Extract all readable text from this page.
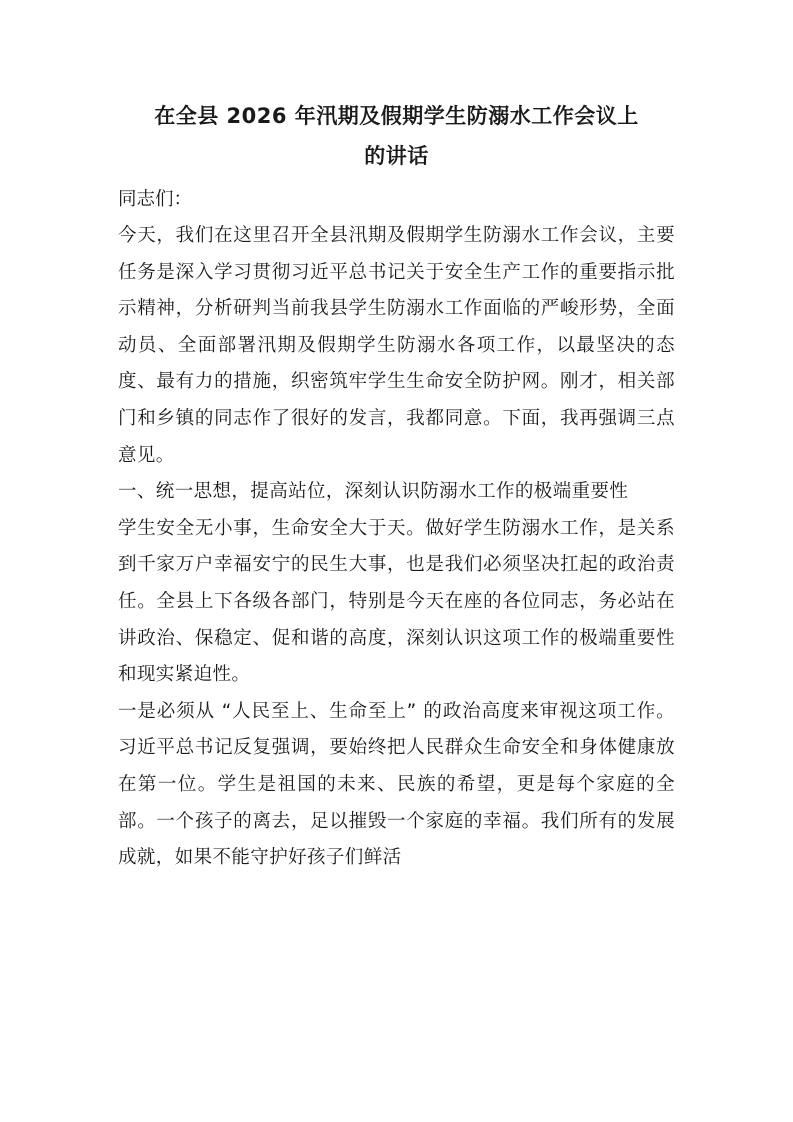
在全县 2026 年汛期及假期学生防溺水工作会议上
的讲话

同志们：

今天，我们在这里召开全县汛期及假期学生防溺水工作会议，主要任务是深入学习贯彻习近平总书记关于安全生产工作的重要指示批示精神，分析研判当前我县学生防溺水工作面临的严峻形势，全面动员、全面部署汛期及假期学生防溺水各项工作，以最坚决的态度、最有力的措施，织密筑牢学生生命安全防护网。刚才，相关部门和乡镇的同志作了很好的发言，我都同意。下面，我再强调三点意见。

一、统一思想，提高站位，深刻认识防溺水工作的极端重要性

学生安全无小事，生命安全大于天。做好学生防溺水工作，是关系到千家万户幸福安宁的民生大事，也是我们必须坚决扛起的政治责任。全县上下各级各部门，特别是今天在座的各位同志，务必站在讲政治、保稳定、促和谐的高度，深刻认识这项工作的极端重要性和现实紧迫性。

一是必须从 “人民至上、生命至上” 的政治高度来审视这项工作。习近平总书记反复强调，要始终把人民群众生命安全和身体健康放在第一位。学生是祖国的未来、民族的希望，更是每个家庭的全部。一个孩子的离去，足以摧毁一个家庭的幸福。我们所有的发展成就，如果不能守护好孩子们鲜活
